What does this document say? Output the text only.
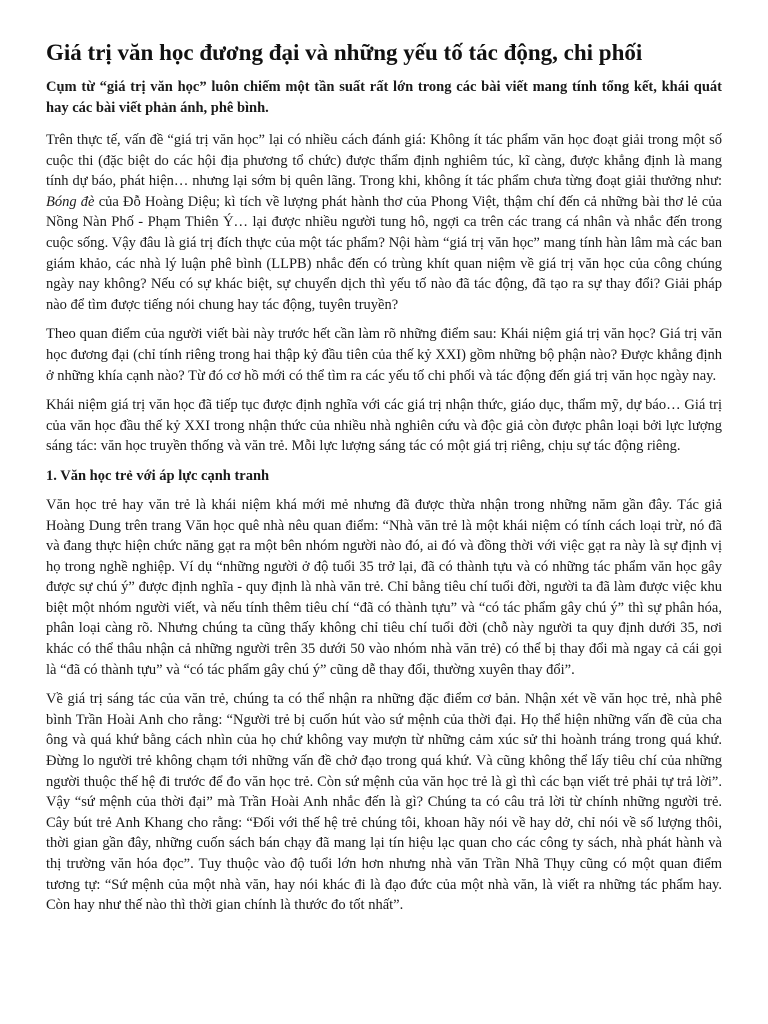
Giá trị văn học đương đại và những yếu tố tác động, chi phối

Cụm từ “giá trị văn học” luôn chiếm một tần suất rất lớn trong các bài viết mang tính tổng kết, khái quát hay các bài viết phản ánh, phê bình.

Trên thực tế, vấn đề “giá trị văn học” lại có nhiều cách đánh giá: Không ít tác phẩm văn học đoạt giải trong một số cuộc thi (đặc biệt do các hội địa phương tổ chức) được thẩm định nghiêm túc, kĩ càng, được khẳng định là mang tính dự báo, phát hiện… nhưng lại sớm bị quên lãng. Trong khi, không ít tác phẩm chưa từng đoạt giải thưởng như: Bóng đè của Đỗ Hoàng Diệu; kì tích về lượng phát hành thơ của Phong Việt, thậm chí đến cả những bài thơ lẻ của Nồng Nàn Phố - Phạm Thiên Ý… lại được nhiều người tung hô, ngợi ca trên các trang cá nhân và nhắc đến trong cuộc sống. Vậy đâu là giá trị đích thực của một tác phẩm? Nội hàm “giá trị văn học” mang tính hàn lâm mà các ban giám khảo, các nhà lý luận phê bình (LLPB) nhắc đến có trùng khít quan niệm về giá trị văn học của công chúng ngày nay không? Nếu có sự khác biệt, sự chuyển dịch thì yếu tố nào đã tác động, đã tạo ra sự thay đổi? Giải pháp nào để tìm được tiếng nói chung hay tác động, tuyên truyền?

Theo quan điểm của người viết bài này trước hết cần làm rõ những điểm sau: Khái niệm giá trị văn học? Giá trị văn học đương đại (chỉ tính riêng trong hai thập kỷ đầu tiên của thế kỷ XXI) gồm những bộ phận nào? Được khẳng định ở những khía cạnh nào? Từ đó cơ hồ mới có thể tìm ra các yếu tố chi phối và tác động đến giá trị văn học ngày nay.

Khái niệm giá trị văn học đã tiếp tục được định nghĩa với các giá trị nhận thức, giáo dục, thẩm mỹ, dự báo… Giá trị của văn học đầu thế kỷ XXI trong nhận thức của nhiều nhà nghiên cứu và độc giả còn được phân loại bởi lực lượng sáng tác: văn học truyền thống và văn trẻ. Mỗi lực lượng sáng tác có một giá trị riêng, chịu sự tác động riêng.

1. Văn học trẻ với áp lực cạnh tranh

Văn học trẻ hay văn trẻ là khái niệm khá mới mẻ nhưng đã được thừa nhận trong những năm gần đây. Tác giả Hoàng Dung trên trang Văn học quê nhà nêu quan điểm: “Nhà văn trẻ là một khái niệm có tính cách loại trừ, nó đã và đang thực hiện chức năng gạt ra một bên nhóm người nào đó, ai đó và đồng thời với việc gạt ra này là sự định vị họ trong nghề nghiệp. Ví dụ “những người ở độ tuổi 35 trở lại, đã có thành tựu và có những tác phẩm văn học gây được sự chú ý” được định nghĩa - quy định là nhà văn trẻ. Chỉ bằng tiêu chí tuổi đời, người ta đã làm được việc khu biệt một nhóm người viết, và nếu tính thêm tiêu chí “đã có thành tựu” và “có tác phẩm gây chú ý” thì sự phân hóa, phân loại càng rõ. Nhưng chúng ta cũng thấy không chỉ tiêu chí tuổi đời (chỗ này người ta quy định dưới 35, nơi khác có thể thâu nhận cả những người trên 35 dưới 50 vào nhóm nhà văn trẻ) có thể bị thay đổi mà ngay cả cái gọi là “đã có thành tựu” và “có tác phẩm gây chú ý” cũng dễ thay đổi, thường xuyên thay đổi”.

Về giá trị sáng tác của văn trẻ, chúng ta có thể nhận ra những đặc điểm cơ bản. Nhận xét về văn học trẻ, nhà phê bình Trần Hoài Anh cho rằng: “Người trẻ bị cuốn hút vào sứ mệnh của thời đại. Họ thể hiện những vấn đề của cha ông và quá khứ bằng cách nhìn của họ chứ không vay mượn từ những cảm xúc sử thi hoành tráng trong quá khứ. Đừng lo người trẻ không chạm tới những vấn đề chở đạo trong quá khứ. Và cũng không thể lấy tiêu chí của những người thuộc thế hệ đi trước để đo văn học trẻ. Còn sứ mệnh của văn học trẻ là gì thì các bạn viết trẻ phải tự trả lời”. Vậy “sứ mệnh của thời đại” mà Trần Hoài Anh nhắc đến là gì? Chúng ta có câu trả lời từ chính những người trẻ. Cây bút trẻ Anh Khang cho rằng: “Đối với thế hệ trẻ chúng tôi, khoan hãy nói về hay dở, chỉ nói về số lượng thôi, thời gian gần đây, những cuốn sách bán chạy đã mang lại tín hiệu lạc quan cho các công ty sách, nhà phát hành và thị trường văn hóa đọc”. Tuy thuộc vào độ tuổi lớn hơn nhưng nhà văn Trần Nhã Thụy cũng có một quan điểm tương tự: “Sứ mệnh của một nhà văn, hay nói khác đi là đạo đức của một nhà văn, là viết ra những tác phẩm hay. Còn hay như thế nào thì thời gian chính là thước đo tốt nhất”.
